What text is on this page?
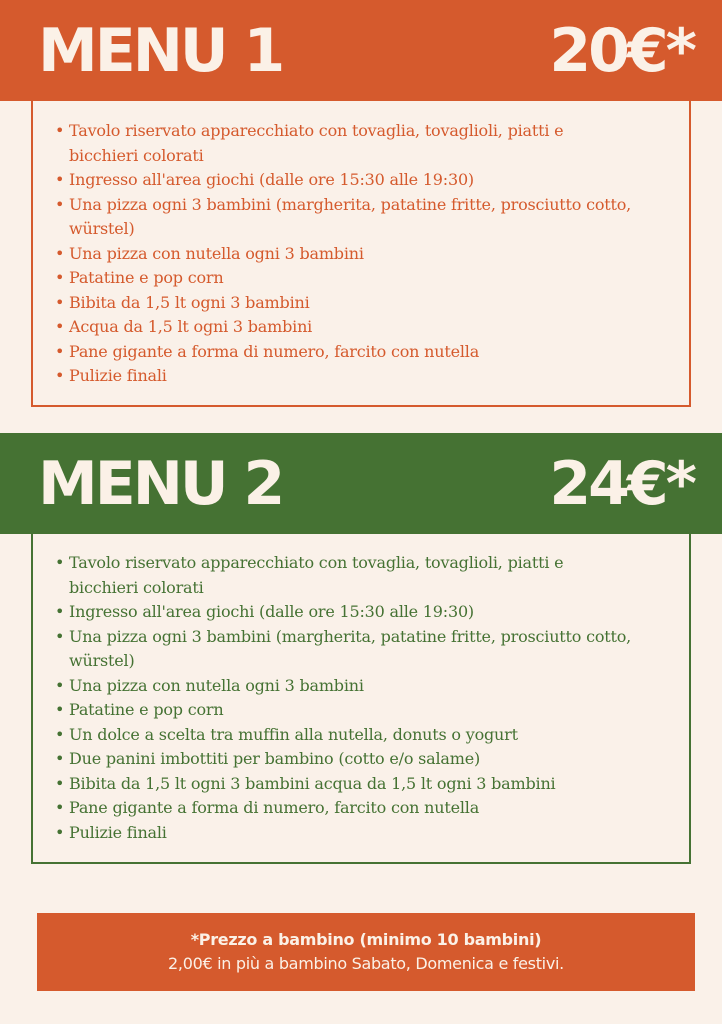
MENU 1	20€*
• Tavolo riservato apparecchiato con tovaglia, tovaglioli, piatti e bicchieri colorati
• Ingresso all'area giochi (dalle ore 15:30 alle 19:30)
• Una pizza ogni 3 bambini (margherita, patatine fritte, prosciutto cotto, würstel)
• Una pizza con nutella ogni 3 bambini
• Patatine e pop corn
• Bibita da 1,5 lt ogni 3 bambini
• Acqua da 1,5 lt ogni 3 bambini
• Pane gigante a forma di numero, farcito con nutella
• Pulizie finali
MENU 2	24€*
• Tavolo riservato apparecchiato con tovaglia, tovaglioli, piatti e bicchieri colorati
• Ingresso all'area giochi (dalle ore 15:30 alle 19:30)
• Una pizza ogni 3 bambini (margherita, patatine fritte, prosciutto cotto, würstel)
• Una pizza con nutella ogni 3 bambini
• Patatine e pop corn
• Un dolce a scelta tra muffin alla nutella, donuts o yogurt
• Due panini imbottiti per bambino (cotto e/o salame)
• Bibita da 1,5 lt ogni 3 bambini acqua da 1,5 lt ogni 3 bambini
• Pane gigante a forma di numero, farcito con nutella
• Pulizie finali
*Prezzo a bambino (minimo 10 bambini)
2,00€ in più a bambino Sabato, Domenica e festivi.
